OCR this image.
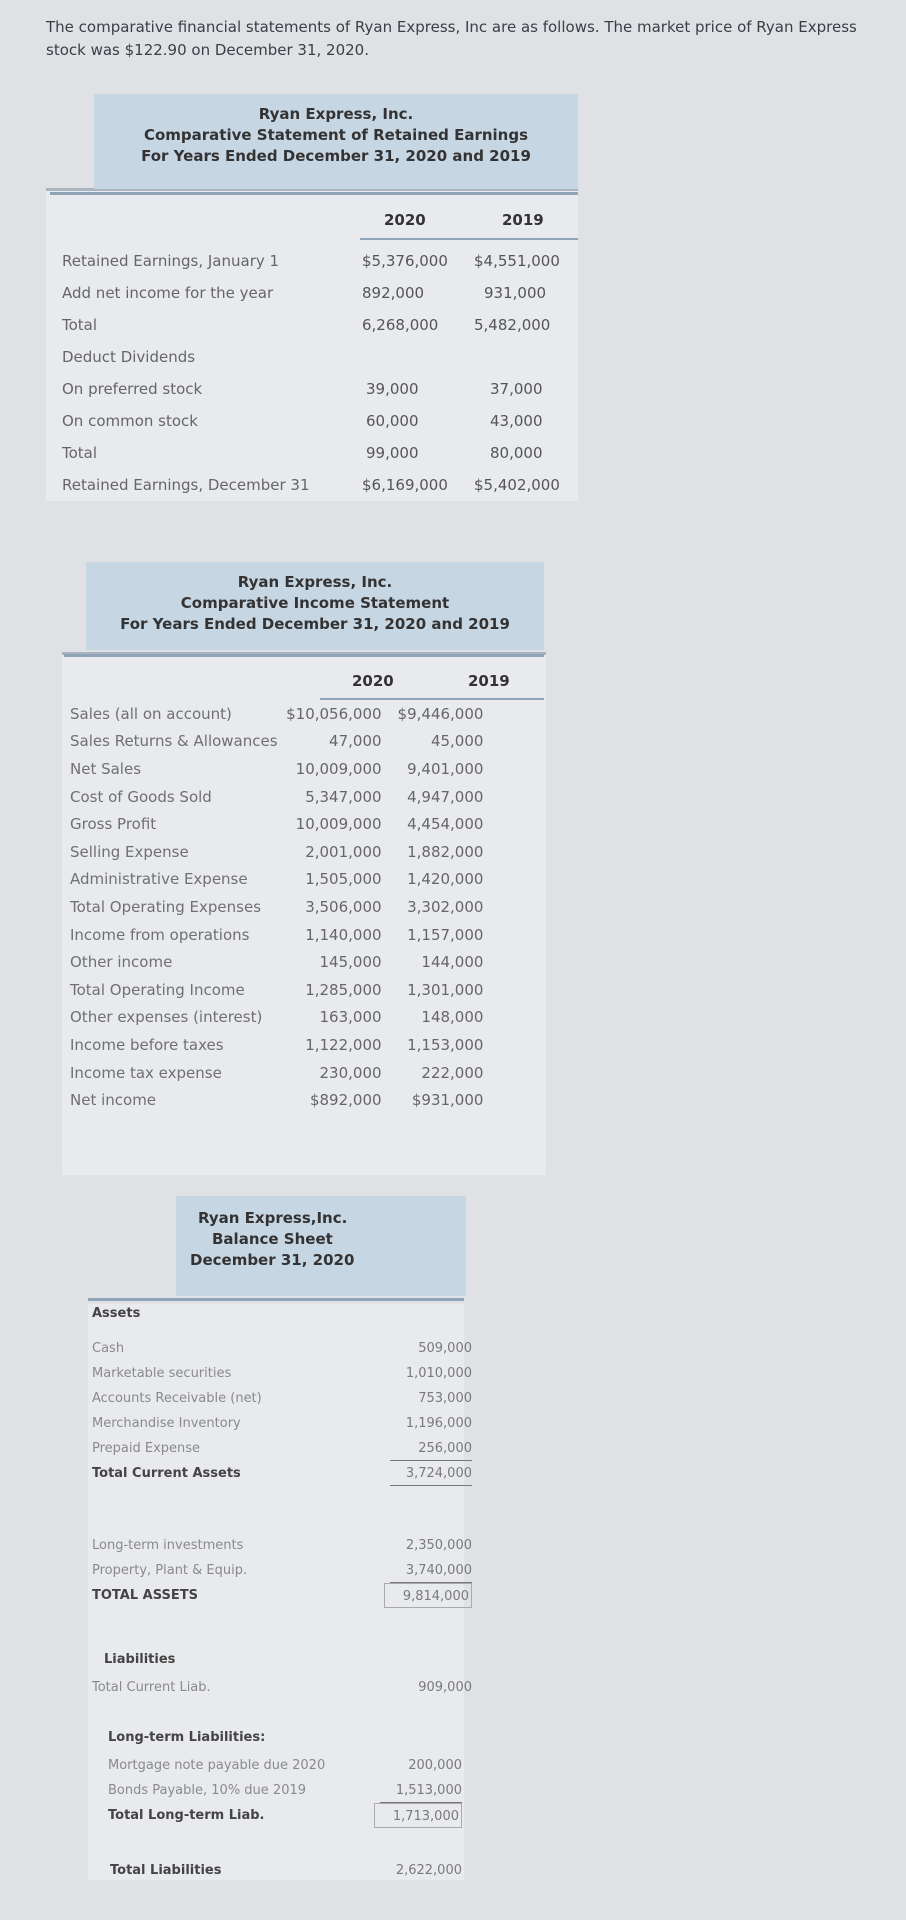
The comparative financial statements of Ryan Express, Inc are as follows. The market price of Ryan Express stock was $122.90 on December 31, 2020.
Ryan Express, Inc.
Comparative Statement of Retained Earnings
For Years Ended December 31, 2020 and 2019
2020	2019
Retained Earnings, January 1	$5,376,000	$4,551,000
Add net income for the year	892,000	931,000
Total	6,268,000	5,482,000
Deduct Dividends		
On preferred stock	39,000	37,000
On common stock	60,000	43,000
Total	99,000	80,000
Retained Earnings, December 31	$6,169,000	$5,402,000
Ryan Express, Inc.
Comparative Income Statement
For Years Ended December 31, 2020 and 2019
2020	2019
Sales (all on account)	$10,056,000	$9,446,000
Sales Returns & Allowances	47,000	45,000
Net Sales	10,009,000	9,401,000
Cost of Goods Sold	5,347,000	4,947,000
Gross Profit	10,009,000	4,454,000
Selling Expense	2,001,000	1,882,000
Administrative Expense	1,505,000	1,420,000
Total Operating Expenses	3,506,000	3,302,000
Income from operations	1,140,000	1,157,000
Other income	145,000	144,000
Total Operating Income	1,285,000	1,301,000
Other expenses (interest)	163,000	148,000
Income before taxes	1,122,000	1,153,000
Income tax expense	230,000	222,000
Net income	$892,000	$931,000
Ryan Express,Inc.
Balance Sheet
December 31, 2020
Assets
Cash	509,000
Marketable securities	1,010,000
Accounts Receivable (net)	753,000
Merchandise Inventory	1,196,000
Prepaid Expense	256,000
Total Current Assets	3,724,000
Long-term investments	2,350,000
Property, Plant & Equip.	3,740,000
TOTAL ASSETS	9,814,000
Liabilities
Total Current Liab.	909,000
Long-term Liabilities:
Mortgage note payable due 2020	200,000
Bonds Payable, 10% due 2019	1,513,000
Total Long-term Liab.	1,713,000
Total Liabilities	2,622,000
